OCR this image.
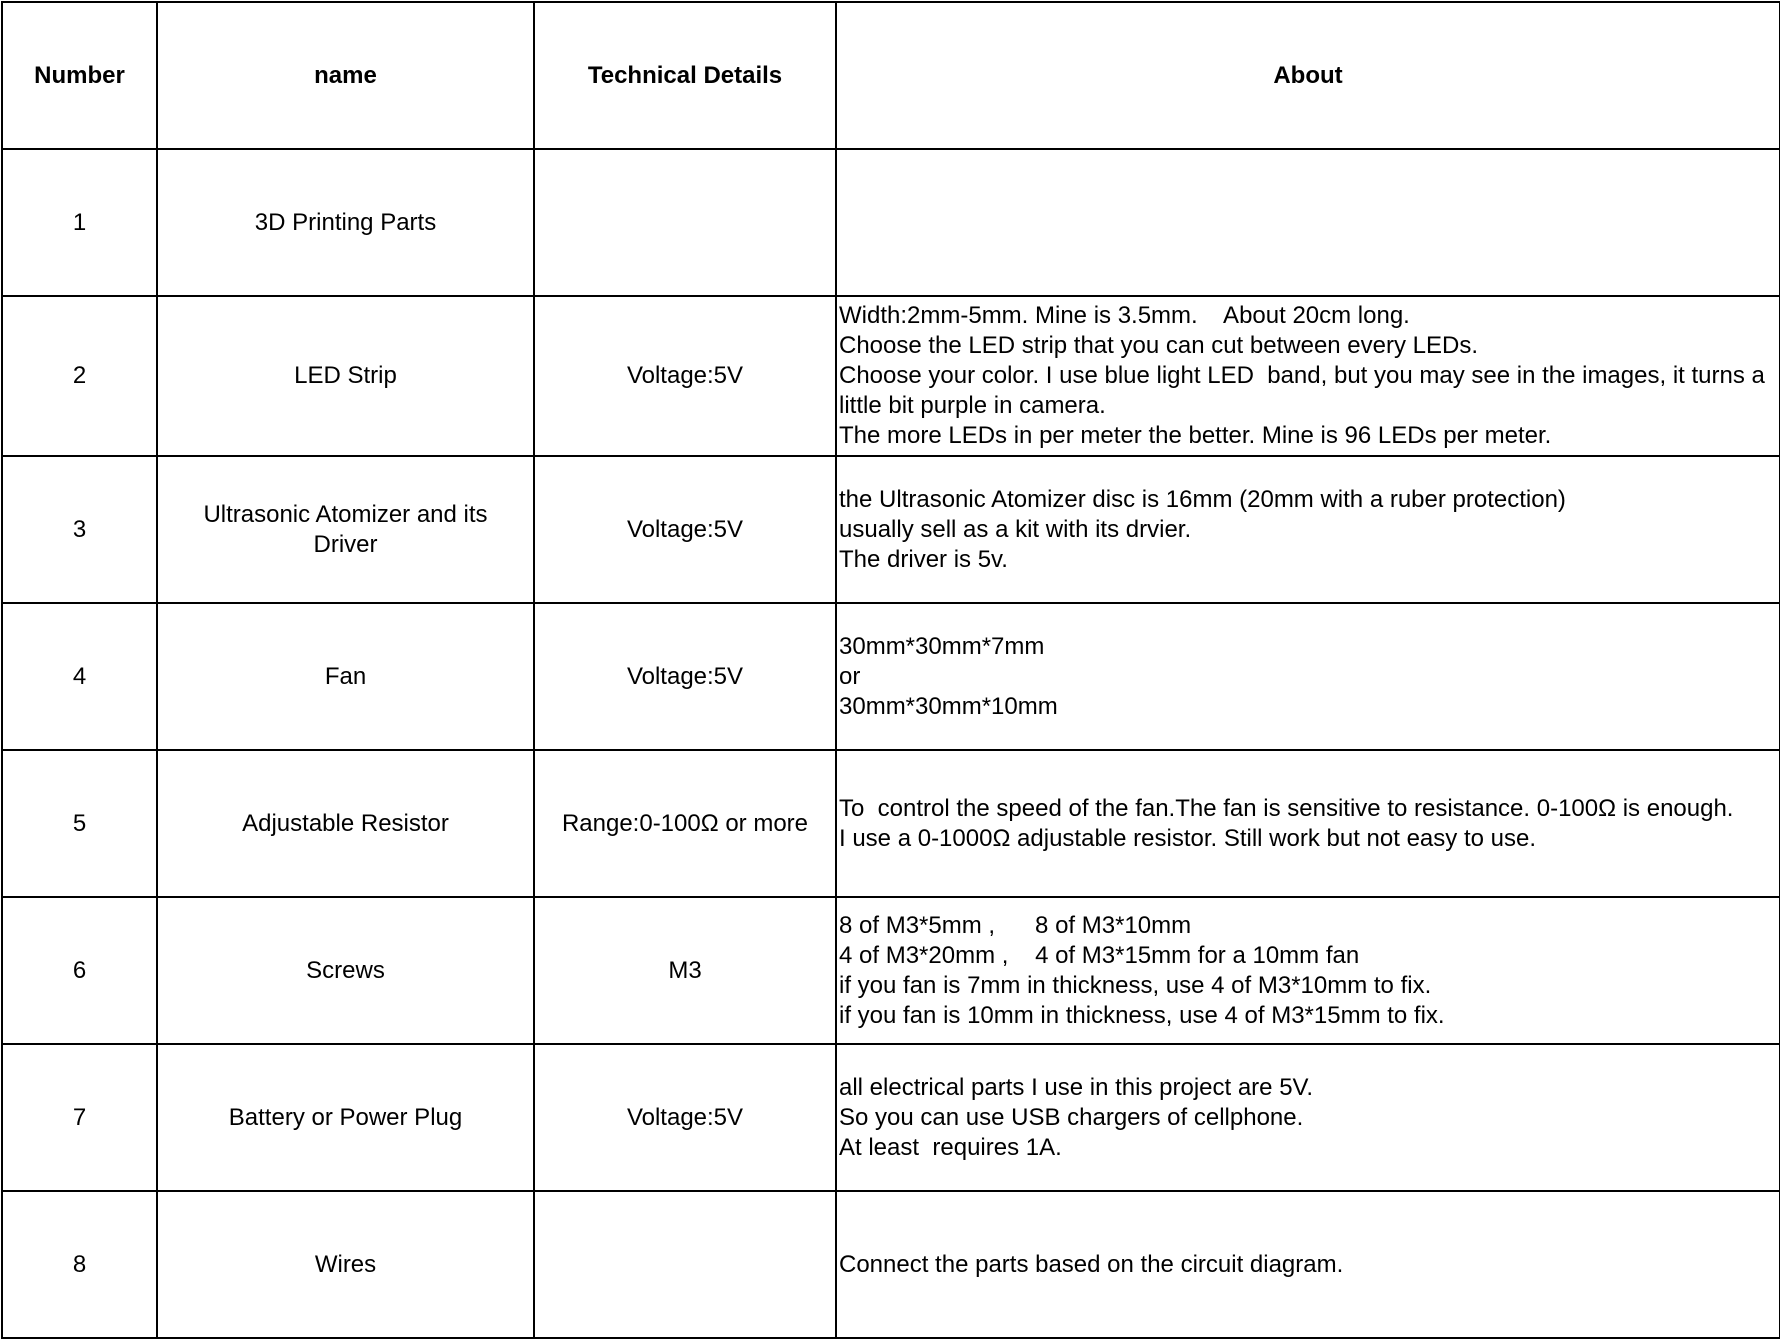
Number	name	Technical Details	About
1	3D Printing Parts		

2	LED Strip	Voltage:5V	Width:2mm-5mm. Mine is 3.5mm.    About 20cm long.
Choose the LED strip that you can cut between every LEDs.
Choose your color. I use blue light LED  band, but you may see in the images, it turns a little bit purple in camera.
The more LEDs in per meter the better. Mine is 96 LEDs per meter.

3	Ultrasonic Atomizer and its Driver	Voltage:5V	the Ultrasonic Atomizer disc is 16mm (20mm with a ruber protection)
usually sell as a kit with its drvier.
The driver is 5v.

4	Fan	Voltage:5V	30mm*30mm*7mm
or
30mm*30mm*10mm

5	Adjustable Resistor	Range:0-100Ω or more	To  control the speed of the fan.The fan is sensitive to resistance. 0-100Ω is enough.
I use a 0-1000Ω adjustable resistor. Still work but not easy to use.

6	Screws	M3	8 of M3*5mm ,      8 of M3*10mm
4 of M3*20mm ,    4 of M3*15mm for a 10mm fan
if you fan is 7mm in thickness, use 4 of M3*10mm to fix.
if you fan is 10mm in thickness, use 4 of M3*15mm to fix.

7	Battery or Power Plug	Voltage:5V	all electrical parts I use in this project are 5V.
So you can use USB chargers of cellphone.
At least  requires 1A.

8	Wires		Connect the parts based on the circuit diagram.
